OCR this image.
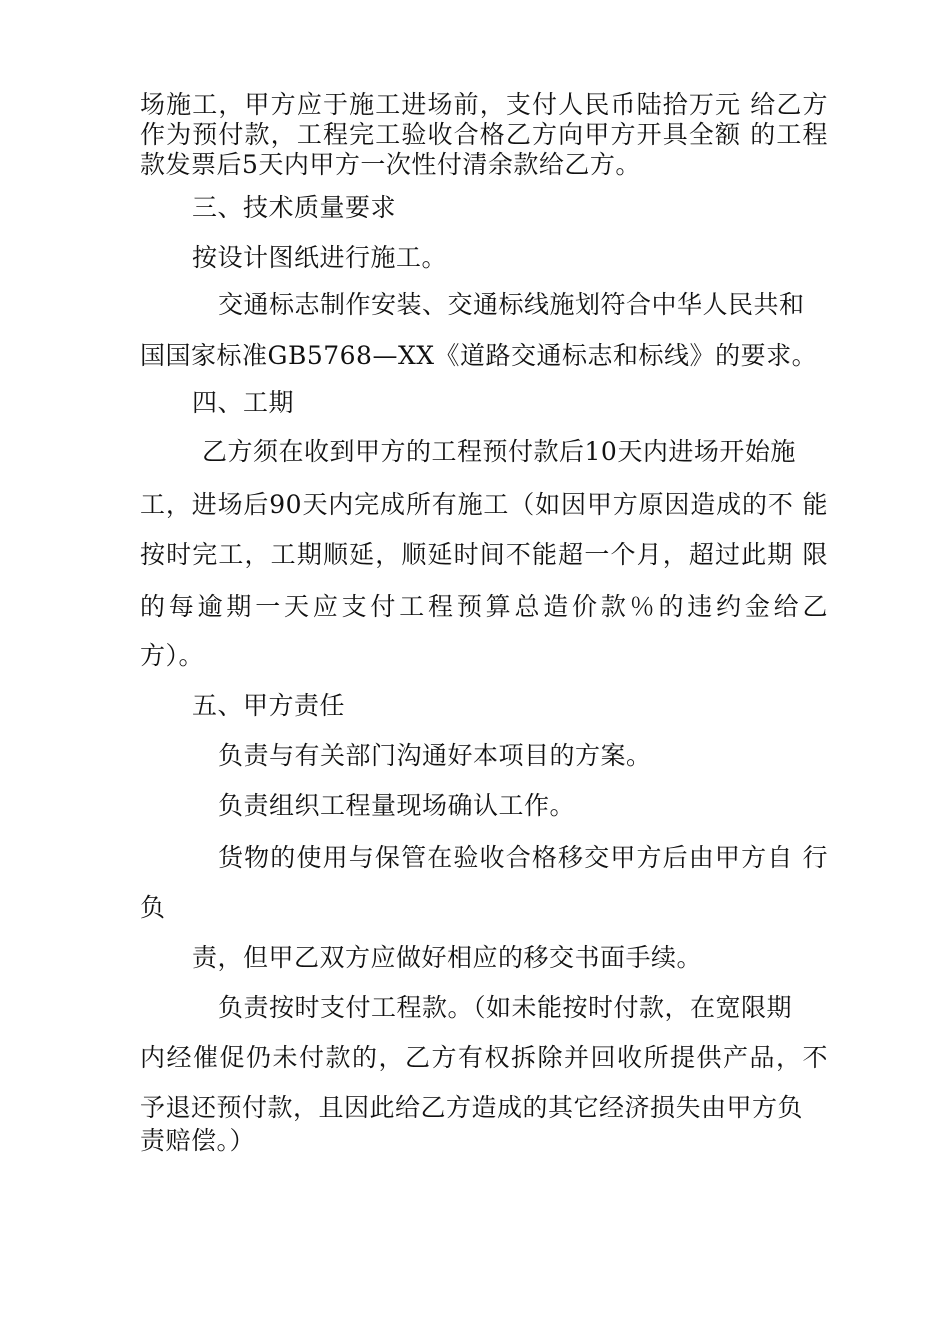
场施工，甲方应于施工进场前，支付人民币陆拾万元 给乙方
作为预付款，工程完工验收合格乙方向甲方开具全额 的工程
款发票后5天内甲方一次性付清余款给乙方。
三、技术质量要求
按设计图纸进行施工。
交通标志制作安装、交通标线施划符合中华人民共和
国国家标准GB5768—XX《道路交通标志和标线》的要求。
四、工期
乙方须在收到甲方的工程预付款后10天内进场开始施
工，进场后90天内完成所有施工（如因甲方原因造成的不 能
按时完工，工期顺延，顺延时间不能超一个月，超过此期 限
的每逾期一天应支付工程预算总造价款％的违约金给乙
方）。
五、甲方责任
负责与有关部门沟通好本项目的方案。
负责组织工程量现场确认工作。
货物的使用与保管在验收合格移交甲方后由甲方自 行
负
责，但甲乙双方应做好相应的移交书面手续。
负责按时支付工程款。（如未能按时付款，在宽限期
内经催促仍未付款的，乙方有权拆除并回收所提供产品，不
予退还预付款，且因此给乙方造成的其它经济损失由甲方负
责赔偿。）
